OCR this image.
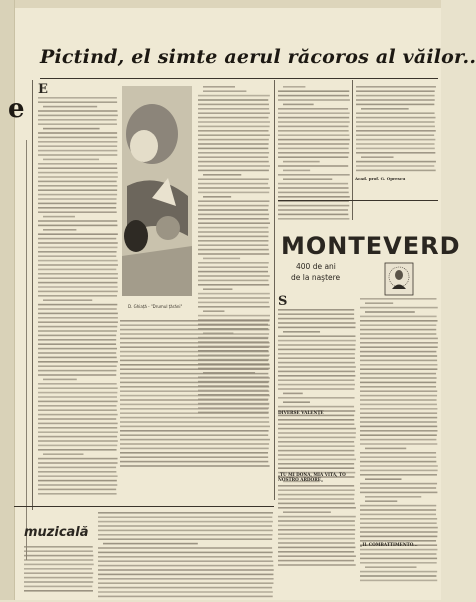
e
Pictind, el simte aerul răcoros al văilor..
E
D. Ghiață - "Drumul țărăni"
Acad. prof. G. Oprescu
MONTEVERD
400 de ani
de la naştere
S
DIVERSE VALENŢE
„TU MI DONA, MIA VITA, TO NOSTRO ARDORE„
„IL COMBATTIMENTO...
muzicală
